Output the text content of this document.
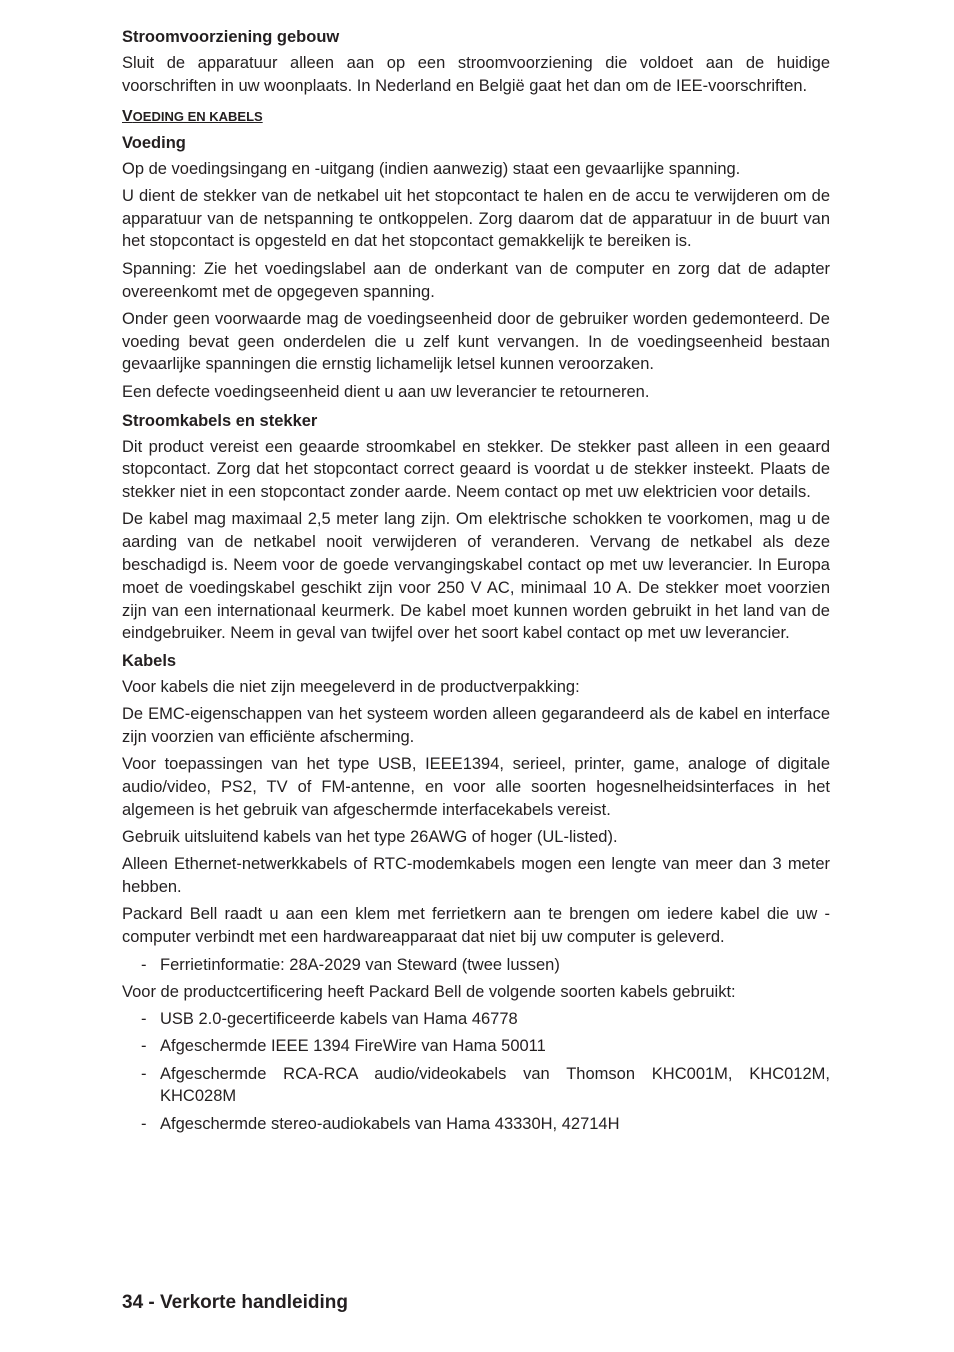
Stroomvoorziening gebouw

Sluit de apparatuur alleen aan op een stroomvoorziening die voldoet aan de huidige voorschriften in uw woonplaats. In Nederland en België gaat het dan om de IEE-voorschriften.

VOEDING EN KABELS
Voeding

Op de voedingsingang en -uitgang (indien aanwezig) staat een gevaarlijke spanning.

U dient de stekker van de netkabel uit het stopcontact te halen en de accu te verwijderen om de apparatuur van de netspanning te ontkoppelen. Zorg daarom dat de apparatuur in de buurt van het stopcontact is opgesteld en dat het stopcontact gemakkelijk te bereiken is.

Spanning: Zie het voedingslabel aan de onderkant van de computer en zorg dat de adapter overeenkomt met de opgegeven spanning.

Onder geen voorwaarde mag de voedingseenheid door de gebruiker worden gedemonteerd. De voeding bevat geen onderdelen die u zelf kunt vervangen. In de voedingseenheid bestaan gevaarlijke spanningen die ernstig lichamelijk letsel kunnen veroorzaken.

Een defecte voedingseenheid dient u aan uw leverancier te retourneren.

Stroomkabels en stekker

Dit product vereist een geaarde stroomkabel en stekker. De stekker past alleen in een geaard stopcontact. Zorg dat het stopcontact correct geaard is voordat u de stekker insteekt. Plaats de stekker niet in een stopcontact zonder aarde. Neem contact op met uw elektricien voor details.

De kabel mag maximaal 2,5 meter lang zijn. Om elektrische schokken te voorkomen, mag u de aarding van de netkabel nooit verwijderen of veranderen. Vervang de netkabel als deze beschadigd is. Neem voor de goede vervangingskabel contact op met uw leverancier. In Europa moet de voedingskabel geschikt zijn voor 250 V AC, minimaal 10 A. De stekker moet voorzien zijn van een internationaal keurmerk. De kabel moet kunnen worden gebruikt in het land van de eindgebruiker. Neem in geval van twijfel over het soort kabel contact op met uw leverancier.

Kabels

Voor kabels die niet zijn meegeleverd in de productverpakking:

De EMC-eigenschappen van het systeem worden alleen gegarandeerd als de kabel en interface zijn voorzien van efficiënte afscherming.

Voor toepassingen van het type USB, IEEE1394, serieel, printer, game, analoge of digitale audio/video, PS2, TV of FM-antenne, en voor alle soorten hogesnelheidsinterfaces in het algemeen is het gebruik van afgeschermde interfacekabels vereist.

Gebruik uitsluitend kabels van het type 26AWG of hoger (UL-listed).

Alleen Ethernet-netwerkkabels of RTC-modemkabels mogen een lengte van meer dan 3 meter hebben.

Packard Bell raadt u aan een klem met ferrietkern aan te brengen om iedere kabel die uw -computer verbindt met een hardwareapparaat dat niet bij uw computer is geleverd.

- Ferrietinformatie: 28A-2029 van Steward (twee lussen)

Voor de productcertificering heeft Packard Bell de volgende soorten kabels gebruikt:

- USB 2.0-gecertificeerde kabels van Hama 46778
- Afgeschermde IEEE 1394 FireWire van Hama 50011
- Afgeschermde RCA-RCA audio/videokabels van Thomson KHC001M, KHC012M, KHC028M
- Afgeschermde stereo-audiokabels van Hama 43330H, 42714H
34 - Verkorte handleiding
